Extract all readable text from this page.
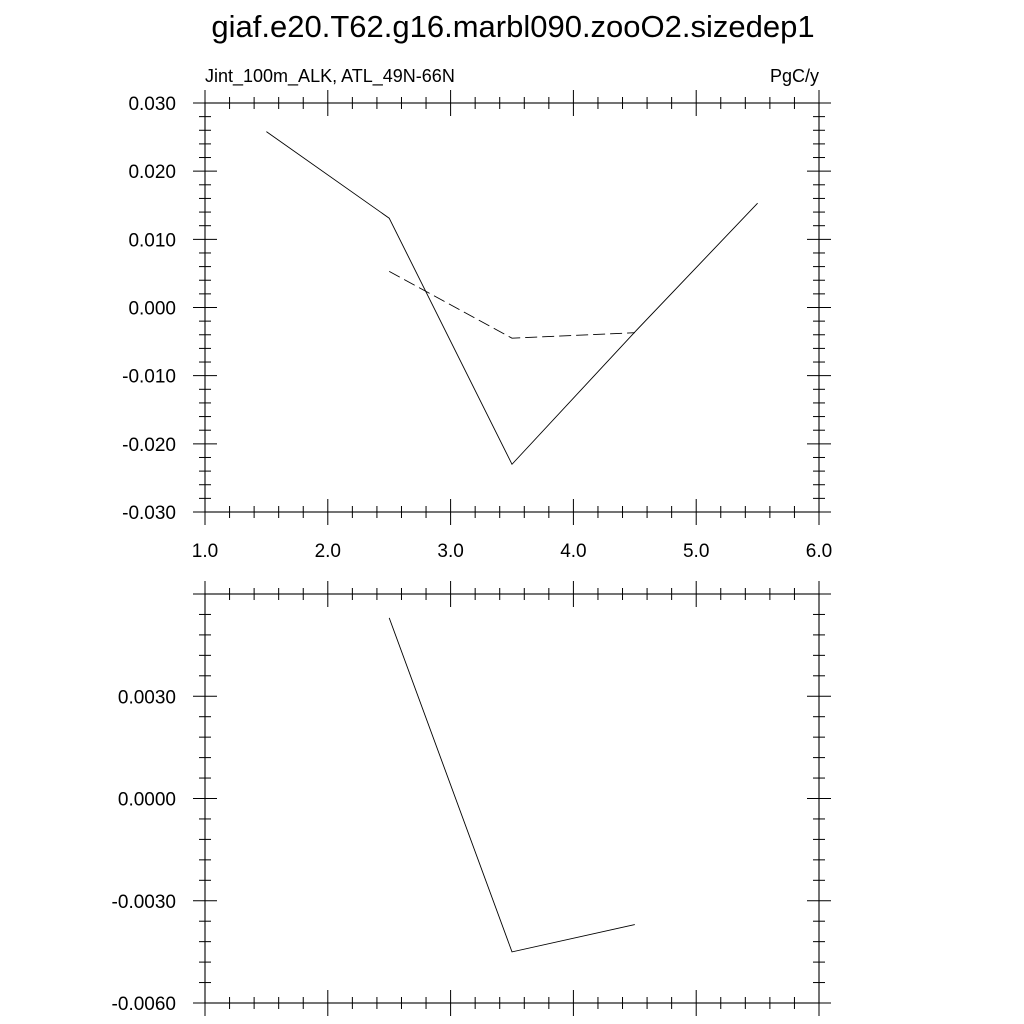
giaf.e20.T62.g16.marbl090.zooO2.sizedep1
Jint_100m_ALK, ATL_49N-66N	PgC/y
0.030
0.020
0.010
0.000
-0.010
-0.020
-0.030
1.0	2.0	3.0	4.0	5.0	6.0
0.0030
0.0000
-0.0030
-0.0060
